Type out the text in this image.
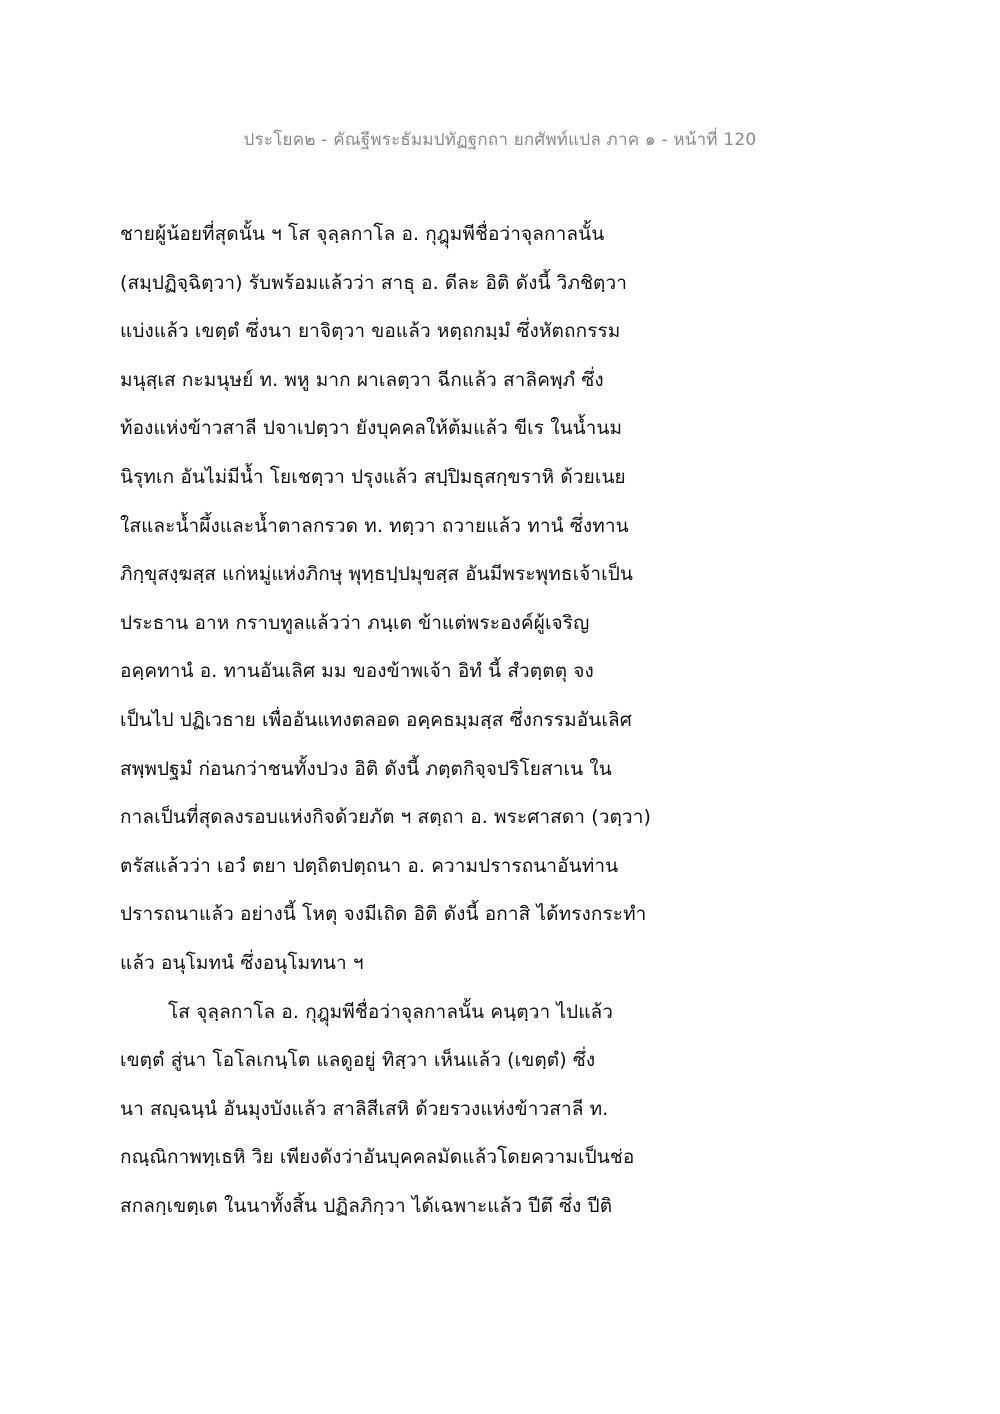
ประโยค๒ - คัณฐีพระธัมมปทัฏฐกถา ยกศัพท์แปล ภาค ๑ - หน้าที่ 120
ชายผู้น้อยที่สุดนั้น ฯ โส จุลฺลกาโล อ. กุฎุมพีชื่อว่าจุลกาลนั้น
(สมฺปฏิจฺฉิตฺวา) รับพร้อมแล้วว่า สาธุ อ. ดีละ อิติ ดังนี้ วิภชิตฺวา
แบ่งแล้ว เขตฺตํ ซึ่งนา ยาจิตฺวา ขอแล้ว หตฺถกมฺมํ ซึ่งหัตถกรรม
มนุสฺเส กะมนุษย์ ท. พหู มาก ผาเลตฺวา ฉีกแล้ว สาลิคพฺภํ ซึ่ง
ท้องแห่งข้าวสาลี ปจาเปตฺวา ยังบุคคลให้ต้มแล้ว ขีเร ในน้ำนม
นิรุทเก อันไม่มีน้ำ โยเชตฺวา ปรุงแล้ว สปฺปิมธุสกฺขราหิ ด้วยเนย
ใสและน้ำผึ้งและน้ำตาลกรวด ท. ทตฺวา ถวายแล้ว ทานํ ซึ่งทาน
ภิกฺขุสงฺฆสฺส แก่หมู่แห่งภิกษุ พุทฺธปฺปมุขสฺส อันมีพระพุทธเจ้าเป็น
ประธาน อาห กราบทูลแล้วว่า ภนฺเต ข้าแต่พระองค์ผู้เจริญ
อคฺคทานํ อ. ทานอันเลิศ มม ของข้าพเจ้า อิทํ นี้ สํวตฺตตุ จง
เป็นไป ปฏิเวธาย เพื่ออันแทงตลอด อคฺคธมฺมสฺส ซึ่งกรรมอันเลิศ
สพฺพปฐมํ ก่อนกว่าชนทั้งปวง อิติ ดังนี้ ภตฺตกิจฺจปริโยสาเน ใน
กาลเป็นที่สุดลงรอบแห่งกิจด้วยภัต ฯ สตฺถา อ. พระศาสดา (วตฺวา)
ตรัสแล้วว่า เอวํ ตยา ปตฺถิตปตฺถนา อ. ความปรารถนาอันท่าน
ปรารถนาแล้ว อย่างนี้ โหตุ จงมีเถิด อิติ ดังนี้ อกาสิ ได้ทรงกระทำ
แล้ว อนุโมทนํ ซึ่งอนุโมทนา ฯ
โส จุลฺลกาโล อ. กุฎุมพีชื่อว่าจุลกาลนั้น คนฺตฺวา ไปแล้ว
เขตฺตํ สู่นา โอโลเกนฺโต แลดูอยู่ ทิสฺวา เห็นแล้ว (เขตฺตํ) ซึ่ง
นา สญฺฉนฺนํ อันมุงบังแล้ว สาลิสีเสหิ ด้วยรวงแห่งข้าวสาลี ท.
กณฺณิกาพทฺเธหิ วิย เพียงดังว่าอันบุคคลมัดแล้วโดยความเป็นช่อ
สกลกฺเขตฺเต ในนาทั้งสิ้น ปฏิลภิกฺวา ได้เฉพาะแล้ว ปีตึ ซึ่ง ปีติ
